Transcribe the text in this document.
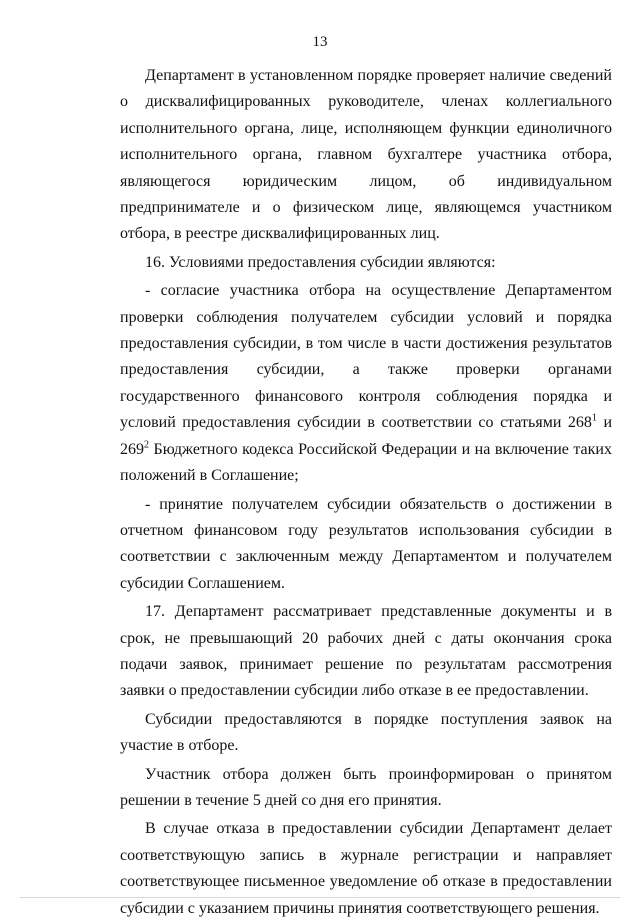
13

Департамент в установленном порядке проверяет наличие сведений о дисквалифицированных руководителе, членах коллегиального исполнительного органа, лице, исполняющем функции единоличного исполнительного органа, главном бухгалтере участника отбора, являющегося юридическим лицом, об индивидуальном предпринимателе и о физическом лице, являющемся участником отбора, в реестре дисквалифицированных лиц.

16. Условиями предоставления субсидии являются:

- согласие участника отбора на осуществление Департаментом проверки соблюдения получателем субсидии условий и порядка предоставления субсидии, в том числе в части достижения результатов предоставления субсидии, а также проверки органами государственного финансового контроля соблюдения порядка и условий предоставления субсидии в соответствии со статьями $268^1$ и $269^2$ Бюджетного кодекса Российской Федерации и на включение таких положений в Соглашение;

- принятие получателем субсидии обязательств о достижении в отчетном финансовом году результатов использования субсидии в соответствии с заключенным между Департаментом и получателем субсидии Соглашением.

17. Департамент рассматривает представленные документы и в срок, не превышающий 20 рабочих дней с даты окончания срока подачи заявок, принимает решение по результатам рассмотрения заявки о предоставлении субсидии либо отказе в ее предоставлении.

Субсидии предоставляются в порядке поступления заявок на участие в отборе.

Участник отбора должен быть проинформирован о принятом решении в течение 5 дней со дня его принятия.

В случае отказа в предоставлении субсидии Департамент делает соответствующую запись в журнале регистрации и направляет соответствующее письменное уведомление об отказе в предоставлении субсидии с указанием причины принятия соответствующего решения.
